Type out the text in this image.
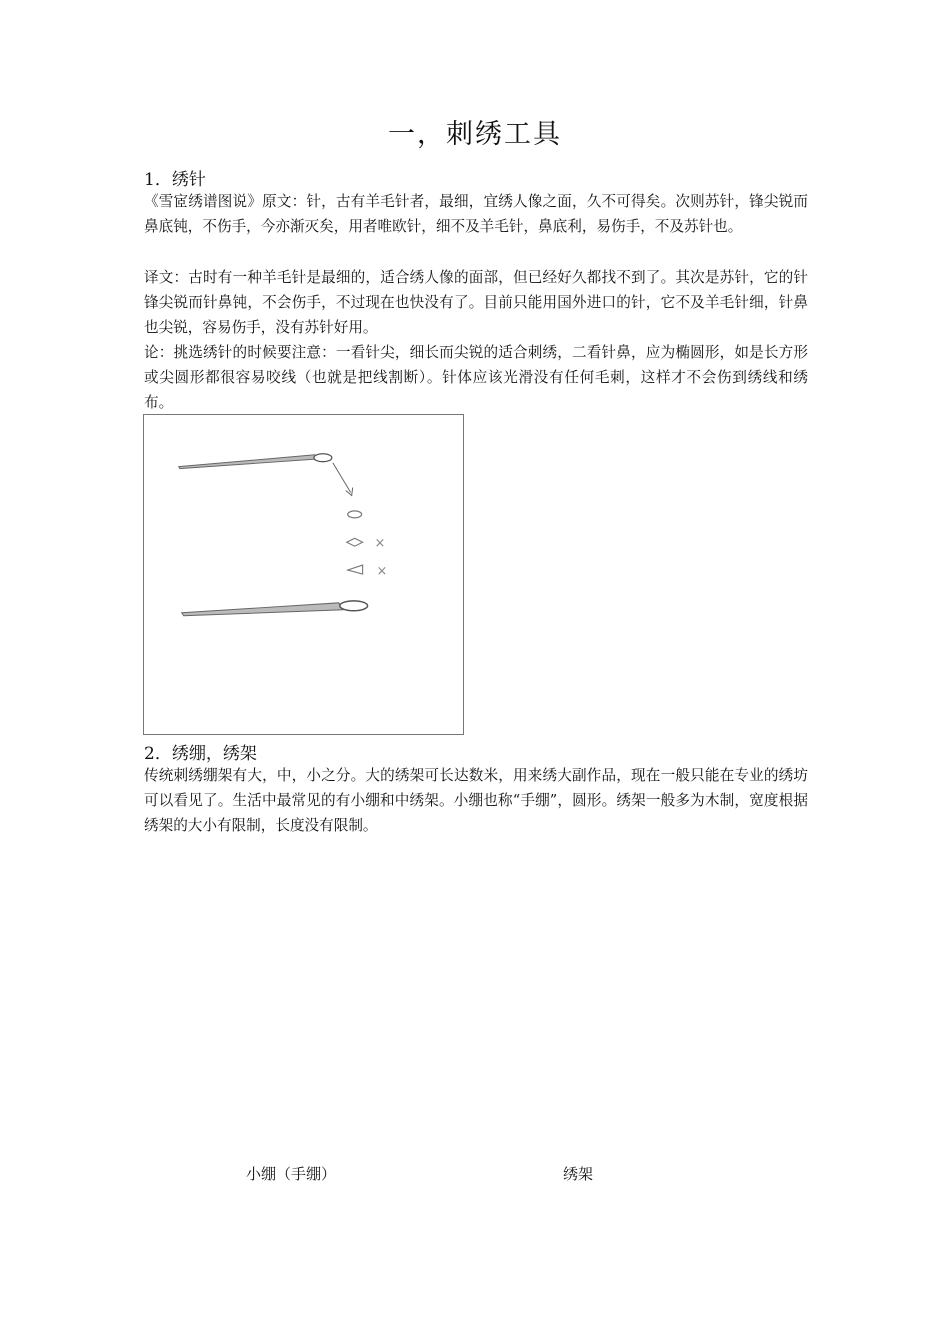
一，刺绣工具
1．绣针

《雪宧绣谱图说》原文：针，古有羊毛针者，最细，宜绣人像之面，久不可得矣。次则苏针，锋尖锐而鼻底钝，不伤手，今亦渐灭矣，用者唯欧针，细不及羊毛针，鼻底利，易伤手，不及苏针也。

译文：古时有一种羊毛针是最细的，适合绣人像的面部，但已经好久都找不到了。其次是苏针，它的针锋尖锐而针鼻钝，不会伤手，不过现在也快没有了。目前只能用国外进口的针，它不及羊毛针细，针鼻也尖锐，容易伤手，没有苏针好用。

论：挑选绣针的时候要注意：一看针尖，细长而尖锐的适合刺绣，二看针鼻，应为椭圆形，如是长方形或尖圆形都很容易咬线（也就是把线割断）。针体应该光滑没有任何毛刺，这样才不会伤到绣线和绣布。

×
×
2．绣绷，绣架

传统刺绣绷架有大，中，小之分。大的绣架可长达数米，用来绣大副作品，现在一般只能在专业的绣坊可以看见了。生活中最常见的有小绷和中绣架。小绷也称“手绷”，圆形。绣架一般多为木制，宽度根据绣架的大小有限制，长度没有限制。

小绷（手绷）	绣架
